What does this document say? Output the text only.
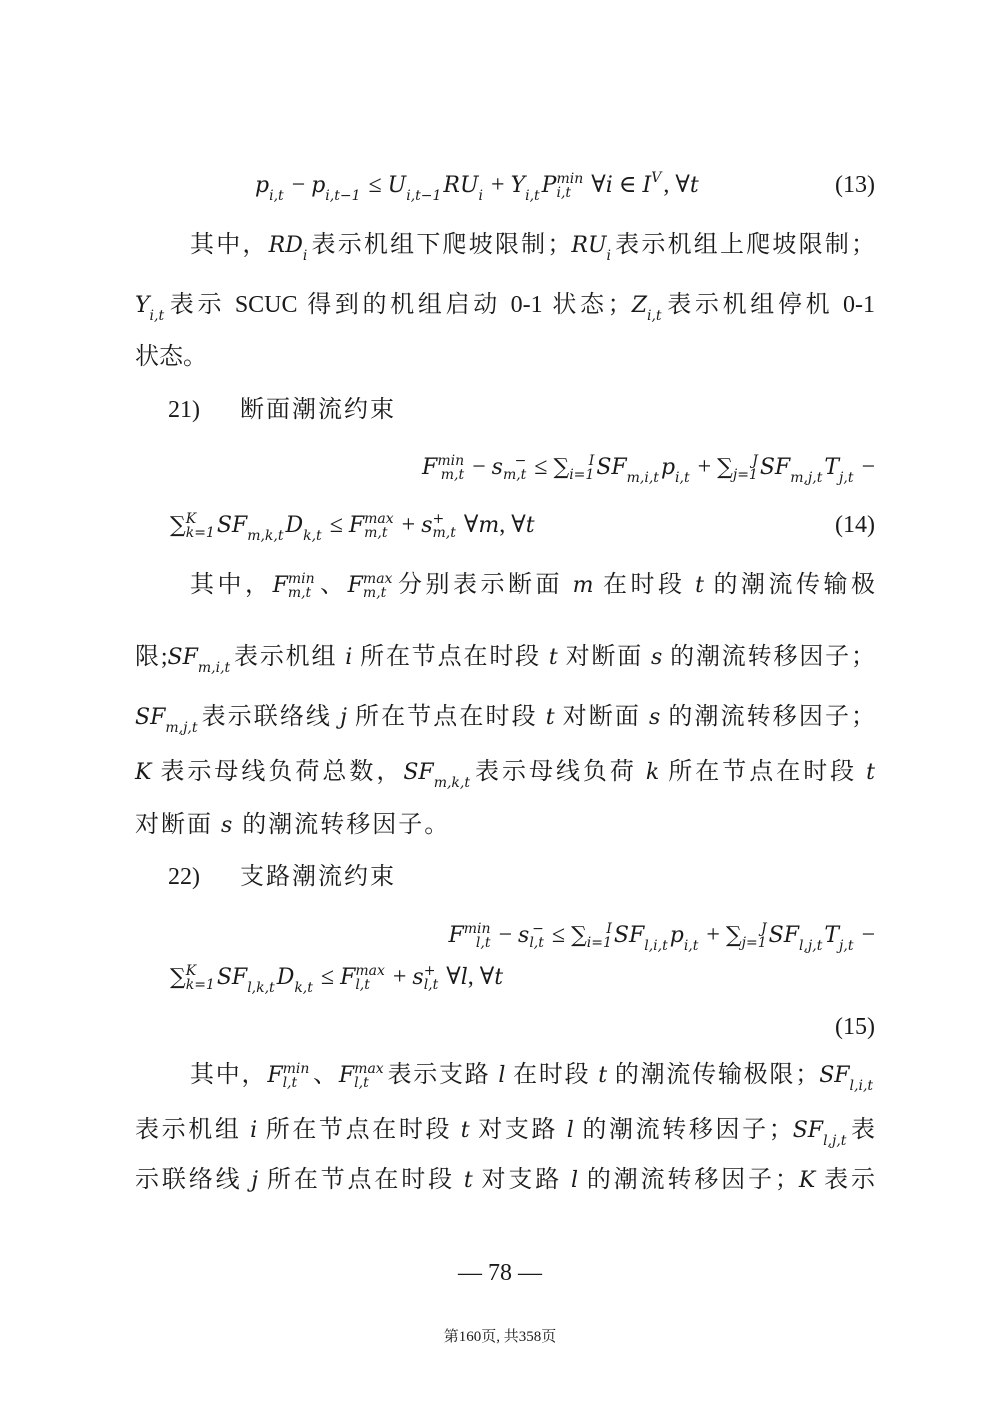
p i,t − p i,t−1 ≤ U i,t−1 RU i + Y i,t P min
i,t ∀i ∈ I V , ∀t	(13)
其中，RD i 表示机组下爬坡限制；RU i 表示机组上爬坡限制；
Y i,t 表示 SCUC 得到的机组启动 0-1 状态；Z i,t 表示机组停机 0-1
状态。
21) 断面潮流约束
F min
m,t − s −
m,t ≤ ∑	I
i=1 SF m,i,t p i,t + ∑	J
j=1 SF m,j,t T j,t −
∑ K
k=1 SF m,k,t D k,t ≤ F max
m,t + s +
m,t ∀m, ∀t	(14)
其中，F min
m,t 、F max
m,t 分别表示断面 m 在时段 t 的潮流传输极
限;SF m,i,t 表示机组 i 所在节点在时段 t 对断面 s 的潮流转移因子；
SF m,j,t 表示联络线 j 所在节点在时段 t 对断面 s 的潮流转移因子；
K 表示母线负荷总数，SF m,k,t 表示母线负荷 k 所在节点在时段 t
对断面 s 的潮流转移因子。
22) 支路潮流约束
F min
l,t − s −
l,t ≤ ∑	I
i=1 SF l,i,t p i,t + ∑	J
j=1 SF l,j,t T j,t −
∑ K
k=1 SF l,k,t D k,t ≤ F max
l,t + s +
l,t ∀l, ∀t
(15)
其中，F min
l,t 、F max
l,t 表示支路 l 在时段 t 的潮流传输极限；SF l,i,t
表示机组 i 所在节点在时段 t 对支路 l 的潮流转移因子；SF l,j,t 表
示联络线 j 所在节点在时段 t 对支路 l 的潮流转移因子；K 表示
— 78 —
第160页, 共358页
